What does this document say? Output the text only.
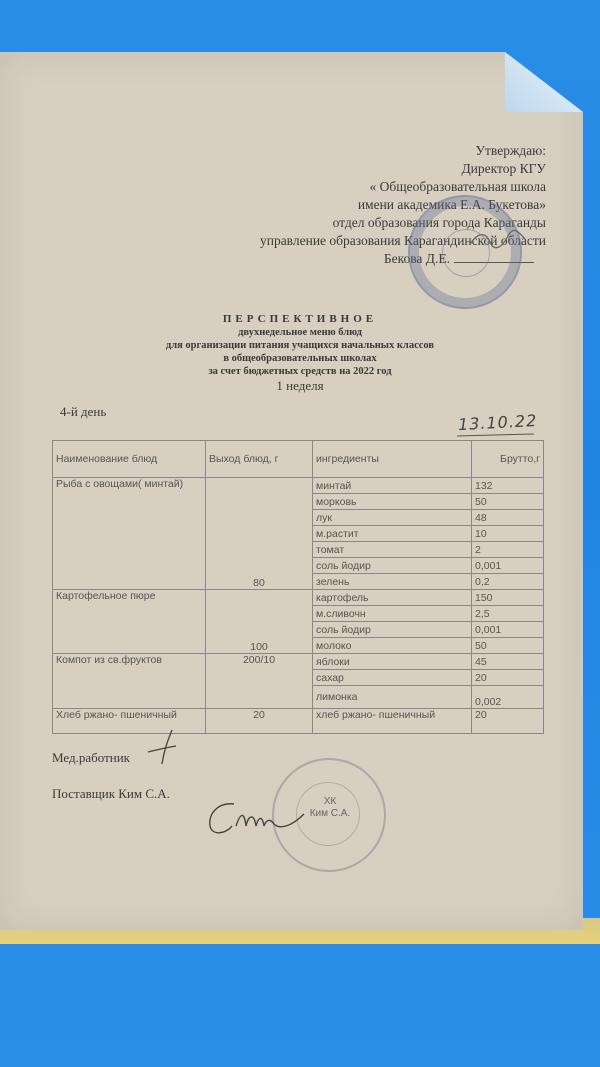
Утверждаю:
Директор КГУ
« Общеобразовательная школа
имени академика Е.А. Букетова»
отдел образования города Караганды
управление образования Карагандинской области
Бекова Д.Е.
ПЕРСПЕКТИВНОЕ
двухнедельное меню блюд
для организации питания учащихся начальных классов
в общеобразовательных школах
за счет бюджетных средств на 2022 год
1 неделя
4-й день	13.10.22
Наименование блюд	Выход блюд, г	ингредиенты	Брутто,г
Рыба с овощами( минтай)	80	минтай	132
		морковь	50
		лук	48
		м.растит	10
		томат	2
		соль йодир	0,001
		зелень	0,2
Картофельное пюре	100	картофель	150
		м.сливочн	2,5
		соль йодир	0,001
		молоко	50
Компот из св.фруктов	200/10	яблоки	45
		сахар	20
		лимонка	0,002
Хлеб ржано- пшеничный	20	хлеб ржано- пшеничный	20
Мед.работник
Поставщик Ким С.А.
ХК
Ким С.А.
